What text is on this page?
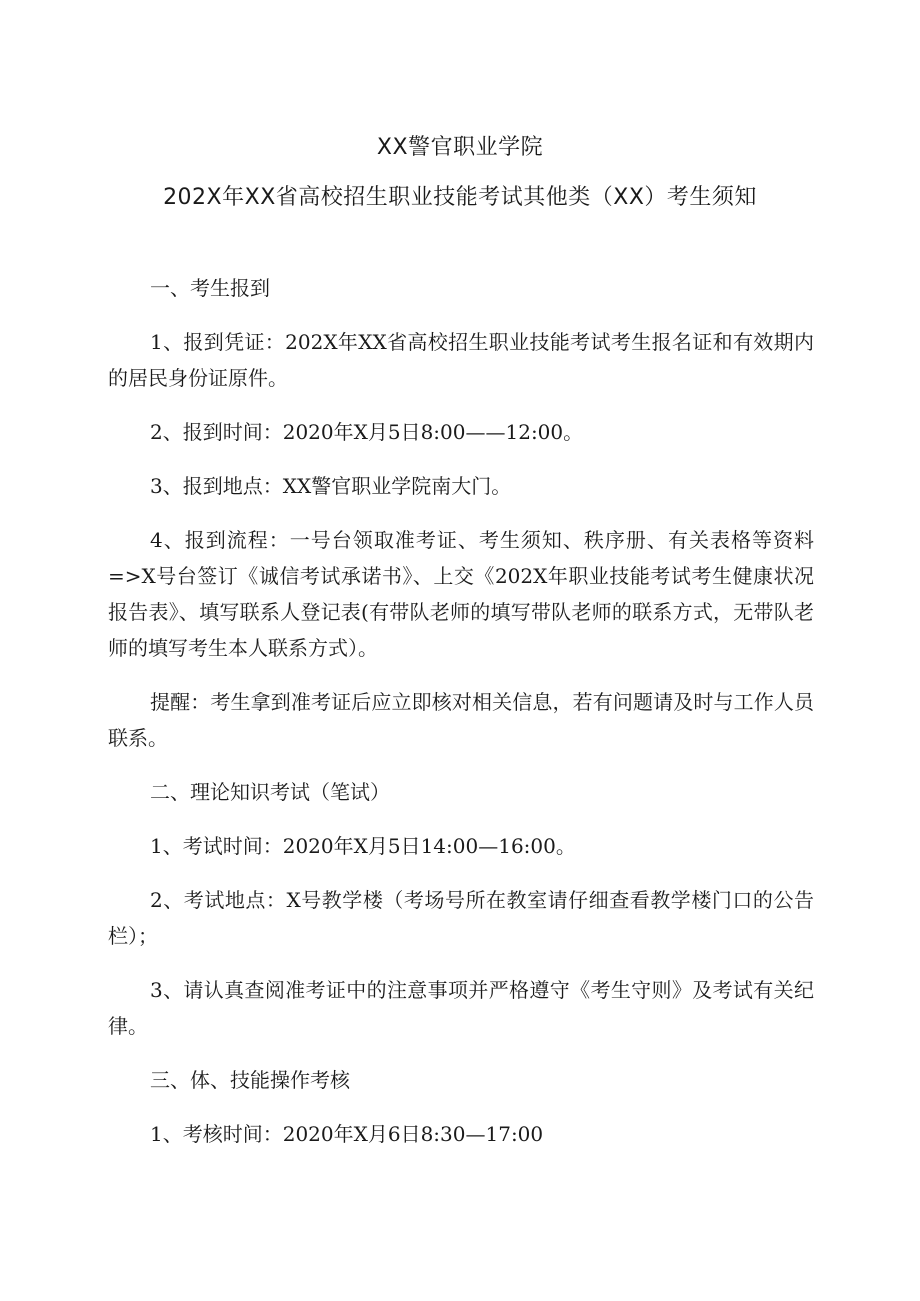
XX警官职业学院
202X年XX省高校招生职业技能考试其他类（XX）考生须知

一、考生报到

1、报到凭证：202X年XX省高校招生职业技能考试考生报名证和有效期内的居民身份证原件。

2、报到时间：2020年X月5日8:00——12:00。

3、报到地点：XX警官职业学院南大门。

4、报到流程：一号台领取准考证、考生须知、秩序册、有关表格等资料=>X号台签订《诚信考试承诺书》、上交《202X年职业技能考试考生健康状况报告表》、填写联系人登记表(有带队老师的填写带队老师的联系方式，无带队老师的填写考生本人联系方式）。

提醒：考生拿到准考证后应立即核对相关信息，若有问题请及时与工作人员联系。

二、理论知识考试（笔试）

1、考试时间：2020年X月5日14:00—16:00。

2、考试地点：X号教学楼（考场号所在教室请仔细查看教学楼门口的公告栏）；

3、请认真查阅准考证中的注意事项并严格遵守《考生守则》及考试有关纪律。

三、体、技能操作考核

1、考核时间：2020年X月6日8:30—17:00
